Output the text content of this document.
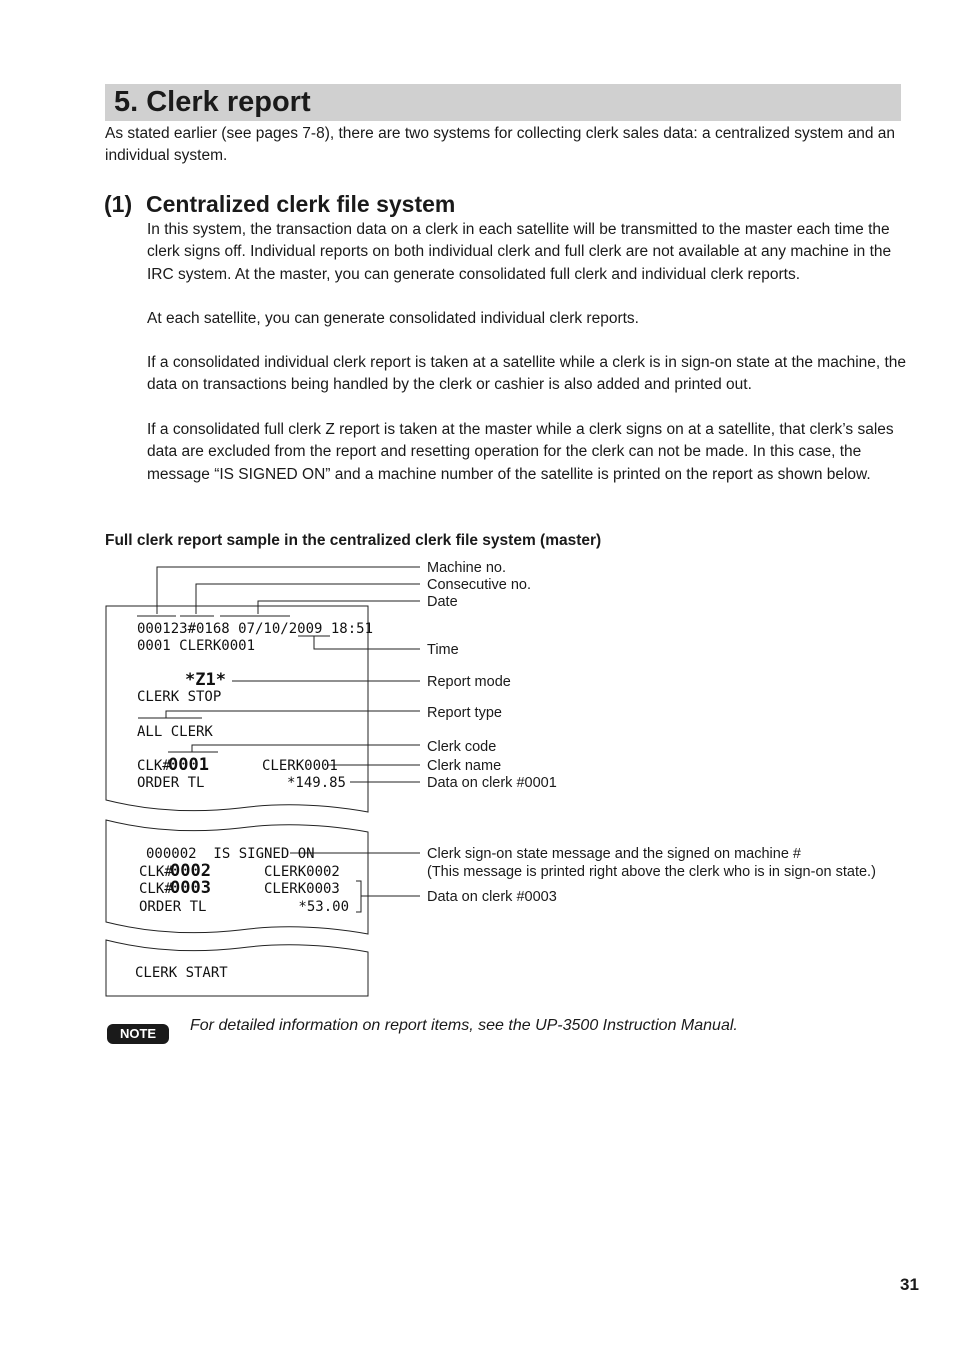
5. Clerk report

As stated earlier (see pages 7-8), there are two systems for collecting clerk sales data: a centralized system and an individual system.

(1) Centralized clerk file system

In this system, the transaction data on a clerk in each satellite will be transmitted to the master each time the clerk signs off. Individual reports on both individual clerk and full clerk are not available at any machine in the IRC system. At the master, you can generate consolidated full clerk and individual clerk reports.

At each satellite, you can generate consolidated individual clerk reports.

If a consolidated individual clerk report is taken at a satellite while a clerk is in sign-on state at the machine, the data on transactions being handled by the clerk or cashier is also added and printed out.

If a consolidated full clerk Z report is taken at the master while a clerk signs on at a satellite, that clerk’s sales data are excluded from the report and resetting operation for the clerk can not be made. In this case, the message “IS SIGNED ON” and a machine number of the satellite is printed on the report as shown below.

Full clerk report sample in the centralized clerk file system (master)
000123#0168 07/10/2009 18:51
0001 CLERK0001
*Z1*
CLERK STOP
ALL CLERK
CLK#
0001	CLERK0001
ORDER TL	*149.85
000002  IS SIGNED ON
CLK#
0002	CLERK0002
CLK#
0003	CLERK0003
ORDER TL	*53.00
CLERK START
Machine no.
Consecutive no.
Date
Time
Report mode
Report type
Clerk code
Clerk name
Data on clerk #0001
Clerk sign-on state message and the signed on machine #
(This message is printed right above the clerk who is in sign-on state.)
Data on clerk #0003
NOTE	For detailed information on report items, see the UP-3500 Instruction Manual.
31
